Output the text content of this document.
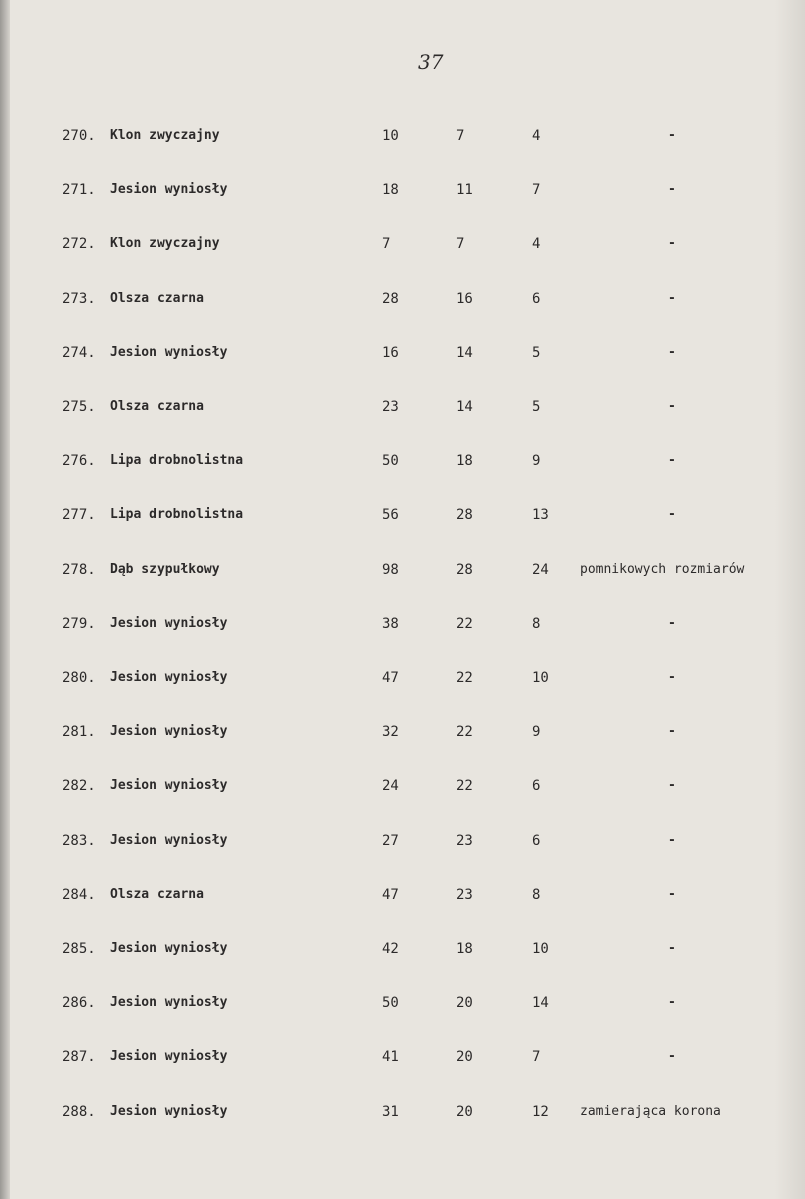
37
270. Klon zwyczajny	10	7	4	-
271. Jesion wyniosły	18	11	7	-
272. Klon zwyczajny	7	7	4	-
273. Olsza czarna	28	16	6	-
274. Jesion wyniosły	16	14	5	-
275. Olsza czarna	23	14	5	-
276. Lipa drobnolistna	50	18	9	-
277. Lipa drobnolistna	56	28	13	-
278. Dąb szypułkowy	98	28	24 pomnikowych rozmiarów
279. Jesion wyniosły	38	22	8	-
280. Jesion wyniosły	47	22	10	-
281. Jesion wyniosły	32	22	9	-
282. Jesion wyniosły	24	22	6	-
283. Jesion wyniosły	27	23	6	-
284. Olsza czarna	47	23	8	-
285. Jesion wyniosły	42	18	10	-
286. Jesion wyniosły	50	20	14	-
287. Jesion wyniosły	41	20	7	-
288. Jesion wyniosły	31	20	12 zamierająca korona
